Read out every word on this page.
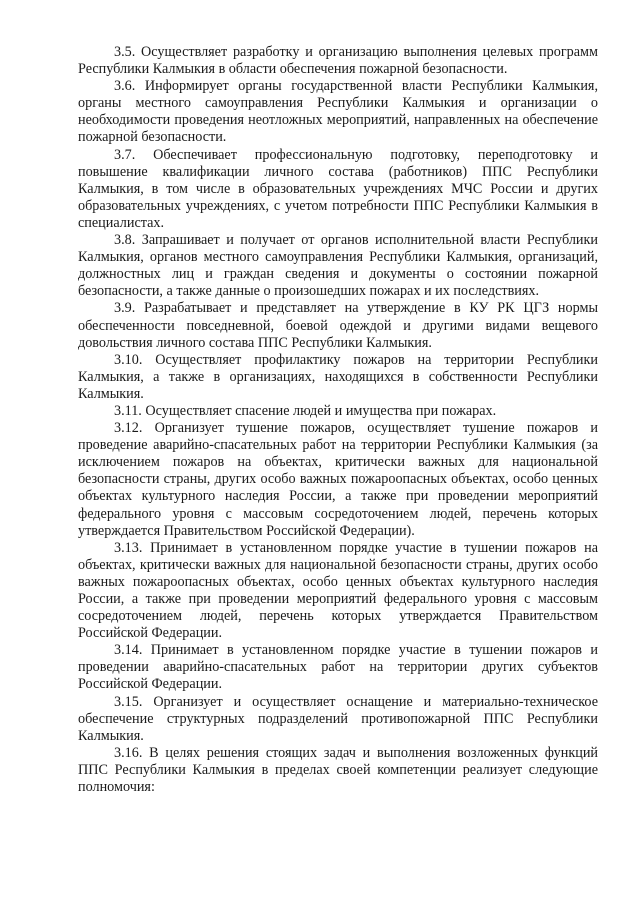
3.5. Осуществляет разработку и организацию выполнения целевых программ Республики Калмыкия в области обеспечения пожарной безопасности.

3.6. Информирует органы государственной власти Республики Калмыкия, органы местного самоуправления Республики Калмыкия и организации о необходимости проведения неотложных мероприятий, направленных на обеспечение пожарной безопасности.

3.7. Обеспечивает профессиональную подготовку, переподготовку и повышение квалификации личного состава (работников) ППС Республики Калмыкия, в том числе в образовательных учреждениях МЧС России и других образовательных учреждениях, с учетом потребности ППС Республики Калмыкия в специалистах.

3.8. Запрашивает и получает от органов исполнительной власти Республики Калмыкия, органов местного самоуправления Республики Калмыкия, организаций, должностных лиц и граждан сведения и документы о состоянии пожарной безопасности, а также данные о произошедших пожарах и их последствиях.

3.9. Разрабатывает и представляет на утверждение в КУ РК ЦГЗ нормы обеспеченности повседневной, боевой одеждой и другими видами вещевого довольствия личного состава ППС Республики Калмыкия.

3.10. Осуществляет профилактику пожаров на территории Республики Калмыкия, а также в организациях, находящихся в собственности Республики Калмыкия.

3.11. Осуществляет спасение людей и имущества при пожарах.

3.12. Организует тушение пожаров, осуществляет тушение пожаров и проведение аварийно-спасательных работ на территории Республики Калмыкия (за исключением пожаров на объектах, критически важных для национальной безопасности страны, других особо важных пожароопасных объектах, особо ценных объектах культурного наследия России, а также при проведении мероприятий федерального уровня с массовым сосредоточением людей, перечень которых утверждается Правительством Российской Федерации).

3.13. Принимает в установленном порядке участие в тушении пожаров на объектах, критически важных для национальной безопасности страны, других особо важных пожароопасных объектах, особо ценных объектах культурного наследия России, а также при проведении мероприятий федерального уровня с массовым сосредоточением людей, перечень которых утверждается Правительством Российской Федерации.

3.14. Принимает в установленном порядке участие в тушении пожаров и проведении аварийно-спасательных работ на территории других субъектов Российской Федерации.

3.15. Организует и осуществляет оснащение и материально-техническое обеспечение структурных подразделений противопожарной ППС Республики Калмыкия.

3.16. В целях решения стоящих задач и выполнения возложенных функций ППС Республики Калмыкия в пределах своей компетенции реализует следующие полномочия:
